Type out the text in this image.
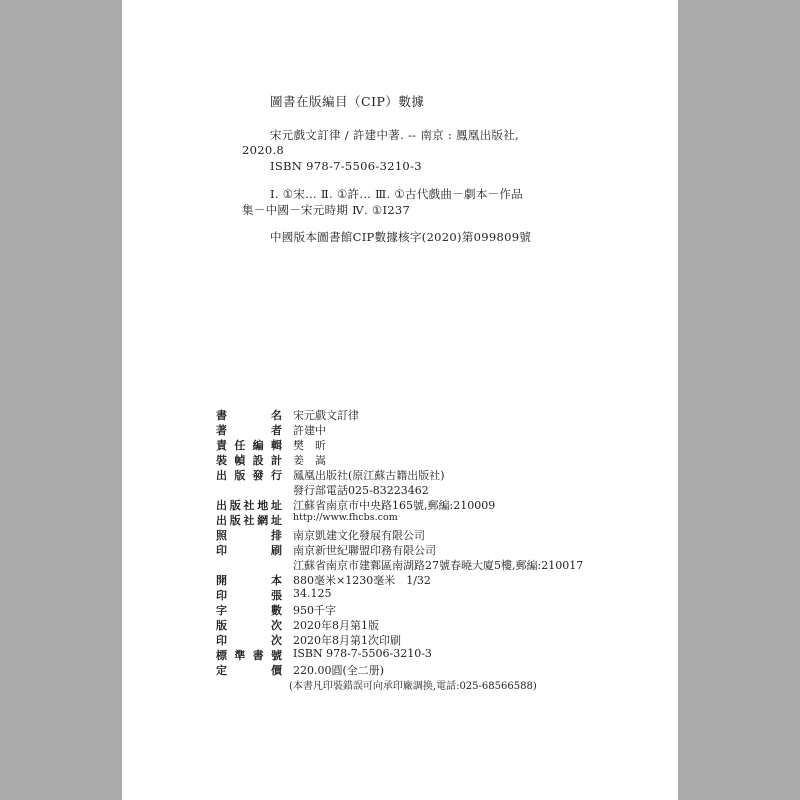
圖書在版編目（CIP）數據
宋元戲文訂律 / 許建中著. -- 南京 : 鳳凰出版社,
2020.8
ISBN 978-7-5506-3210-3
Ⅰ. ①宋… Ⅱ. ①許… Ⅲ. ①古代戲曲－劇本－作品
集－中國－宋元時期 Ⅳ. ①I237
中國版本圖書館CIP數據核字(2020)第099809號
書	名 宋元戲文訂律
著	者 許建中
責 任 編 輯 樊　昕
裝 幀 設 計 姜　嵩
出 版 發 行 鳳凰出版社(原江蘇古籍出版社)
發行部電話025-83223462
出 版 社 地 址 江蘇省南京市中央路165號,郵編:210009
出 版 社 網 址 http://www.fhcbs.com
照	排 南京凱建文化發展有限公司
印	刷 南京新世紀聯盟印務有限公司
江蘇省南京市建鄴區南湖路27號春曉大廈5樓,郵編:210017
開	本 880毫米×1230毫米　1/32
印	張 34.125
字	數 950千字
版	次 2020年8月第1版
印	次 2020年8月第1次印刷
標 準 書 號 ISBN 978-7-5506-3210-3
定	價 220.00圓(全二册)
(本書凡印裝錯誤可向承印廠調换,電話:025-68566588)
